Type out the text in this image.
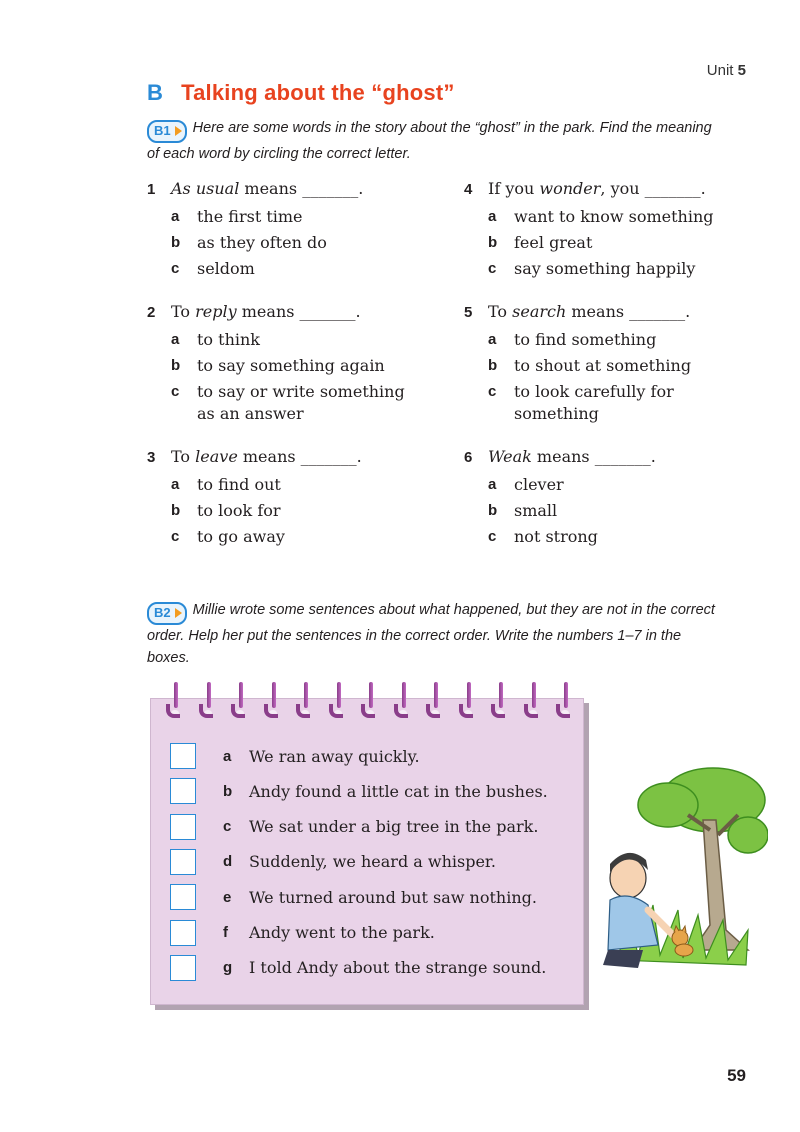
Unit 5
B Talking about the “ghost”
B1 Here are some words in the story about the “ghost” in the park. Find the meaning of each word by circling the correct letter.
1 As usual means _______.
a	the first time
b	as they often do
c	seldom
2 To reply means _______.
a	to think
b	to say something again
c	to say or write something as an answer
3 To leave means _______.
a	to find out
b	to look for
c	to go away
4 If you wonder, you _______.
a	want to know something
b	feel great
c	say something happily
5 To search means _______.
a	to find something
b	to shout at something
c	to look carefully for something
6 Weak means _______.
a	clever
b	small
c	not strong
B2 Millie wrote some sentences about what happened, but they are not in the correct order. Help her put the sentences in the correct order. Write the numbers 1–7 in the boxes.
a	We ran away quickly.
b	Andy found a little cat in the bushes.
c	We sat under a big tree in the park.
d	Suddenly, we heard a whisper.
e	We turned around but saw nothing.
f	Andy went to the park.
g	I told Andy about the strange sound.
59
